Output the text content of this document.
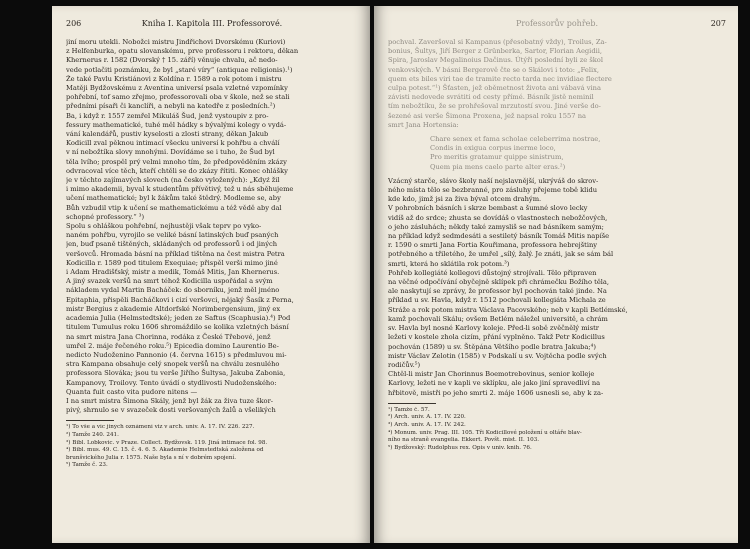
206	Kniha I. Kapitola III. Professorové.
jiní moru utekli. Nobožci mistru Jindřichovi Dvorskému (Kuriovi)
z Helfenburka, opatu slovanskému, prve professoru i rektoru, děkan
Khernerus r. 1582 (Dvorský † 15. září) věnuje chvalu, ač nedo-
vede potlačiti poznámku, že byl „staré víry“ (antiquae religionis).¹)
Že také Pavlu Kristiánovi z Koldína r. 1589 a rok potom i mistru
Matěji Bydžovskému z Aventina universí psala vzletné vzpomínky
pohřební, tof samo zřejmo, professorovali oba v škole, než se stali
předními písaři či kanclíři, a nebyli na katedře z posledních.²)
Ba, i když r. 1557 zemřel Mikuláš Šud, jenž vystoupiv z pro-
fessury mathematické, tuhé měl hádky s bývalými kolegy o vydá-
vání kalendářů, pustiv kyselosti a zlosti strany, děkan Jakub
Kodicill zval pěknou intimací všecku universí k pohřbu a chválí
v ní nebožtíka slovy mnohými. Dovídáme se i tuho, že Šud byl
těla lvího; prospěl prý velmi mnoho tím, že předpověděním zkázy
odvracoval více těch, kteří chtěli se do zkázy řítiti. Konec ohlášky
je v těchto zajímavých slovech (na česko vyložených): „Kdyź žil
i mimo akademii, byval k studentům přívětivý, tež u nás sběhujeme
učení mathematické; byl k žákům také štědrý. Modleme se, aby
Bůh vzbudil vtip k učení se mathematickému a též vědě aby dal
schopné professory.“ ³)
Spolu s ohláškou pohřební, nejhustěji však teprv po vyko-
naném pohřbu, vyrojilo se veliké básní latinských buď psaných
jen, buď psaně tištěných, skládaných od professorů i od jiných
veršovců. Hromada básní na příklad tištěna na čest mistra Petra
Kodicilla r. 1589 pod titulem Exequiae; přispěl verši mimo jiné
i Adam Hradišťský, mistr a medik, Tomáš Mitis, Jan Khernerus.
A jiný svazek veršů na smrt téhož Kodicilla uspořádal a svým
nákladem vydal Martin Bacháček: do sborníku, jenž měl jméno
Epitaphia, přispěli Bacháčkovi i cizí veršovci, nějaký Šasík z Perna,
mistr Bergius z akademie Altdorfské Norimbergensium, jiný ex
academia Julia (Helmstedtské); jeden ze Saftus (Scaphusia).⁴) Pod
titulem Tumulus roku 1606 shromáždilo se kolika vzletných básní
na smrt mistra Jana Chorinna, rodáka z České Třebové, jenž
umřel 2. máje řečeného roku.⁵) Epicedia domino Laurentio Be-
nedicto Nudoženino Pannonio (4. června 1615) s předmluvou mi-
stra Kampana obsahuje celý snopek veršů na chválu zesnulého
professora Slováka; jsou tu verše Jiřího Šultysa, Jakuba Zabonia,
Kampanovy, Troilovy. Tento úvádí o stydlivosti Nudoženského:
Quanta fuit casto vita pudore nitens —
I na smrt mistra Šimona Skály, jenž byl žák za živa tuze škor-
pivý, shrnulo se v svazeček dosti veršovaných žalů a všelikých
¹) To vše a víc jiných oznámení viz v arch. univ. A. 17. IV. 226. 227.
²) Tamže 240. 241.
³) Bibl. Lobkovic. v Praze. Collect. Bydžovsk. 119. Jiná intimace fol. 98.
⁴) Bibl. mus. 49. C. 15. č. 4. 6. 5. Akademie Helmstedtská založena od
brunšvického Julia r. 1575. Naše byla s ní v dobrém spojení.
⁵) Tamže č. 23.
Professorův pohřeb.	207
pochval. Zaveršoval si Kampanus (přesobatný vždy), Troilus, Za-
bonius, Šultys, Jiří Berger z Grünberka, Sartor, Florian Aegidii,
Spira, Jaroslav Megalinoius Dačinus. Útýři poslední byli ze škol
venkovských. V básni Bergerově čte se o Skálovi i toto: „Felix,
quem ets biles viri tae de tramite recto tarda nec invidiae flectere
culpa potest.“¹) Šťasten, jež oběmetnost života ani vábavá vina
závisti nedovede svrátiti od cesty přímé. Básník jistě neminil
tím nebožtíku, že se prohřešoval mrzutostí svou. Jiné verše do-
šezené asi verše Šimona Proxena, jež napsal roku 1557 na
smrt Jana Hortensia:
Chare senex et fama scholae celeberrima nostrae,
Condis in exigua corpus inerme loco,
Pro meritis gratamur quippe sinistrum,
Quem pia mens caelo parte alter eras.²)
Vzácný starče, slávo školy naší nejslavnější, ukrýváš do skrov-
ného místa tělo se bezbranné, pro zásluhy přejeme tobě klidu
kde kdo, jimž jsi za živa býval otcem drahým.
V pohrobních básních i skrze bembast a šumné slovo lecky
vidíš až do srdce; zhusta se dovídáš o vlastnostech nebožčových,
o jeho zásluhách; někdy také zamysliš se nad básníkem samým;
na příklad když sedmdesáti a sestiletý básník Tomáš Mitis napíše
r. 1590 o smrti Jana Fortia Kouřimana, professora hebrejštiny
potřebného a třiletého, že umřel „sílý, žalý. Je znáti, jak se sám bál
smrti, která ho sklátila rok potom.³)
Pohřeb kollegiáté kollegovi důstojný strojívali. Tělo připraven
na věčné odpočívání obyčejně sklípek při chrámečku Božího těla,
ale naskytují se zprávy, že professor byl pochován také jinde. Na
příklad u sv. Havla, když r. 1512 pochovali kollegiáta Michala ze
Stráže a rok potom mistra Václava Pacovského; neb v kapli Betlémské,
kamž pochovali Skálu; ovšem Betlém náležel universitě, a chrám
sv. Havla byl nosné Karlovy koleje. Před-li sobě zvěčnělý mistr
ležeti v kostele zhola cizím, přání vyplněno. Takž Petr Kodicillus
pochován (1589) u sv. Štěpána Většího podle bratra Jakuba;⁴)
mistr Václav Zelotin (1585) v Podskalí u sv. Vojtěcha podle svých
rodičův.⁵)
Chtěl-li mistr Jan Chorinnus Boemotrebovinus, senior kolleje
Karlovy, ležeti ne v kapli ve sklípku, ale jako jiní spravedliví na
hřbitově, mistři po jeho smrti 2. máje 1606 usnesli se, aby k za-
¹) Tamže č. 57.
²) Arch. univ. A. 17. IV. 220.
³) Arch. univ. A. 17. IV. 242.
⁴) Monum. univ. Prag. III. 105. Tři Kodicillové položení u oltáře blav-
ního na straně evangelia. Ekkert. Povšt. mist. II. 103.
⁵) Bydžovský: Rudolphus rex. Opis v univ. knih. 76.
